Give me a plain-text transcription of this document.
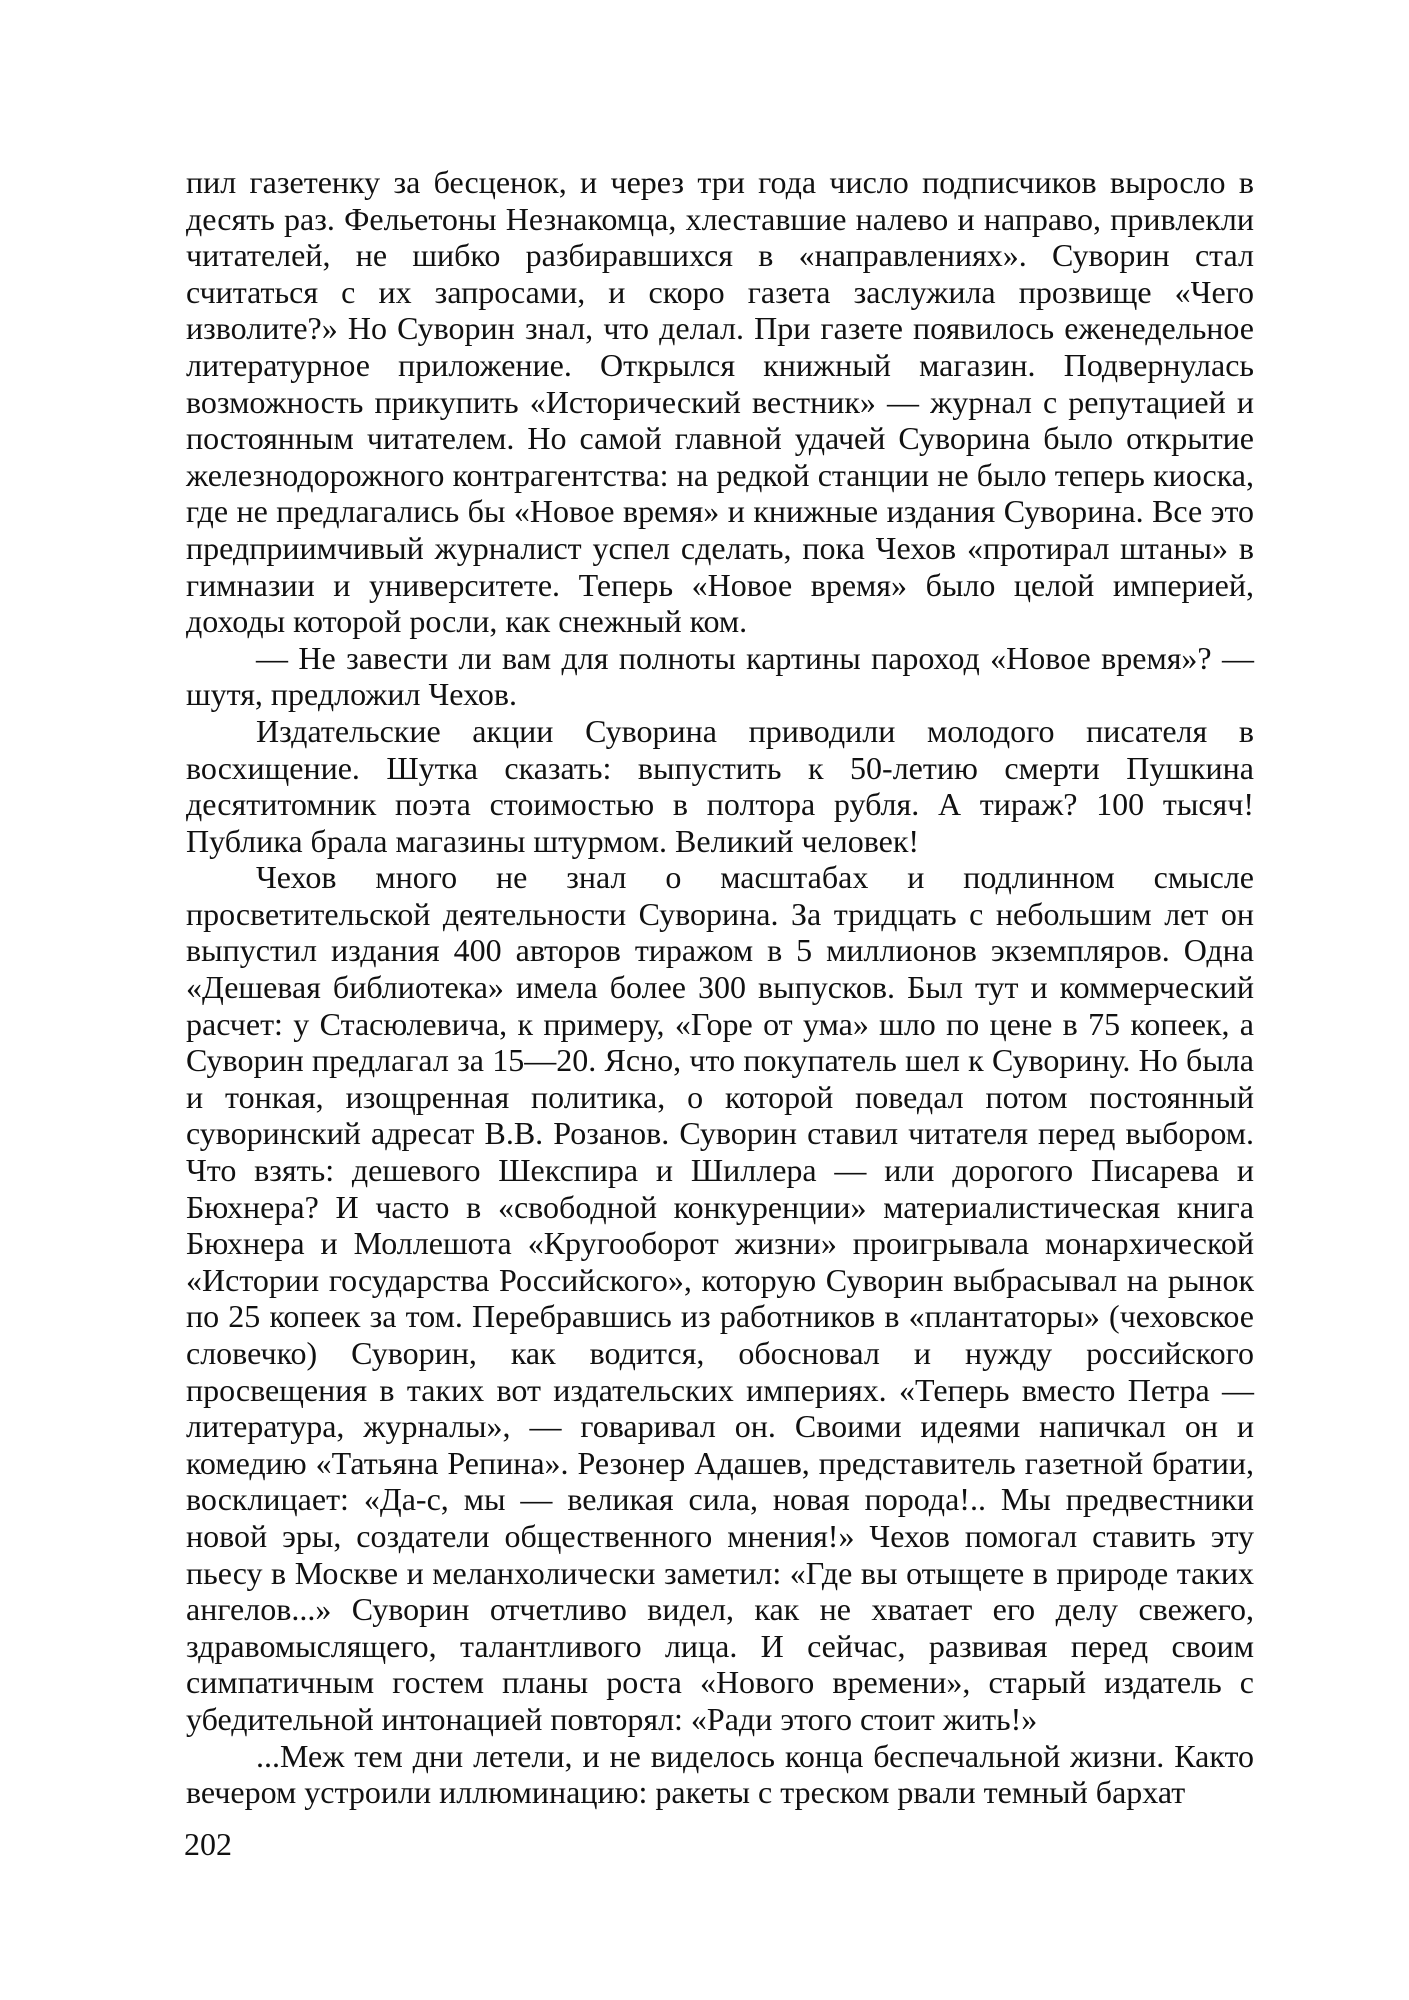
пил газетенку за бесценок, и через три года число подписчиков выросло в десять раз. Фельетоны Незнакомца, хлеставшие налево и направо, привлекли читателей, не шибко разбиравшихся в «направлениях». Суворин стал считаться с их запросами, и скоро газета заслужила прозвище «Чего изволите?» Но Суворин знал, что делал. При газете появилось еженедельное литературное приложение. Открылся книжный магазин. Подвернулась возможность прикупить «Исторический вестник» — журнал с репутацией и постоянным читателем. Но самой главной удачей Суворина было открытие железнодорожного контрагентства: на редкой станции не было теперь киоска, где не предлагались бы «Новое время» и книжные издания Суворина. Все это предприимчивый журналист успел сделать, пока Чехов «протирал штаны» в гимназии и университете. Теперь «Новое время» было целой империей, доходы которой росли, как снежный ком.

— Не завести ли вам для полноты картины пароход «Новое время»? — шутя, предложил Чехов.

Издательские акции Суворина приводили молодого писателя в восхищение. Шутка сказать: выпустить к 50-летию смерти Пушкина десятитомник поэта стоимостью в полтора рубля. А тираж? 100 тысяч! Публика брала магазины штурмом. Великий человек!

Чехов много не знал о масштабах и подлинном смысле просветительской деятельности Суворина. За тридцать с небольшим лет он выпустил издания 400 авторов тиражом в 5 миллионов экземпляров. Одна «Дешевая библиотека» имела более 300 выпусков. Был тут и коммерческий расчет: у Стасюлевича, к примеру, «Горе от ума» шло по цене в 75 копеек, а Суворин предлагал за 15—20. Ясно, что покупатель шел к Суворину. Но была и тонкая, изощренная политика, о которой поведал потом постоянный суворинский адресат В.В. Розанов. Суворин ставил читателя перед выбором. Что взять: дешевого Шекспира и Шиллера — или дорогого Писарева и Бюхнера? И часто в «свободной конкуренции» материалистическая книга Бюхнера и Моллешота «Кругооборот жизни» проигрывала монархической «Истории государства Российского», которую Суворин выбрасывал на рынок по 25 копеек за том. Перебравшись из работников в «плантаторы» (чеховское словечко) Суворин, как водится, обосновал и нужду российского просвещения в таких вот издательских империях. «Теперь вместо Петра — литература, журналы», — говаривал он. Своими идеями напичкал он и комедию «Татьяна Репина». Резонер Адашев, представитель газетной братии, восклицает: «Да-с, мы — великая сила, новая порода!.. Мы предвестники новой эры, создатели общественного мнения!» Чехов помогал ставить эту пьесу в Москве и меланхолически заметил: «Где вы отыщете в природе таких ангелов...» Суворин отчетливо видел, как не хватает его делу свежего, здравомыслящего, талантливого лица. И сейчас, развивая перед своим симпатичным гостем планы роста «Нового времени», старый издатель с убедительной интонацией повторял: «Ради этого стоит жить!»

...Меж тем дни летели, и не виделось конца беспечальной жизни. Както вечером устроили иллюминацию: ракеты с треском рвали темный бархат

202
